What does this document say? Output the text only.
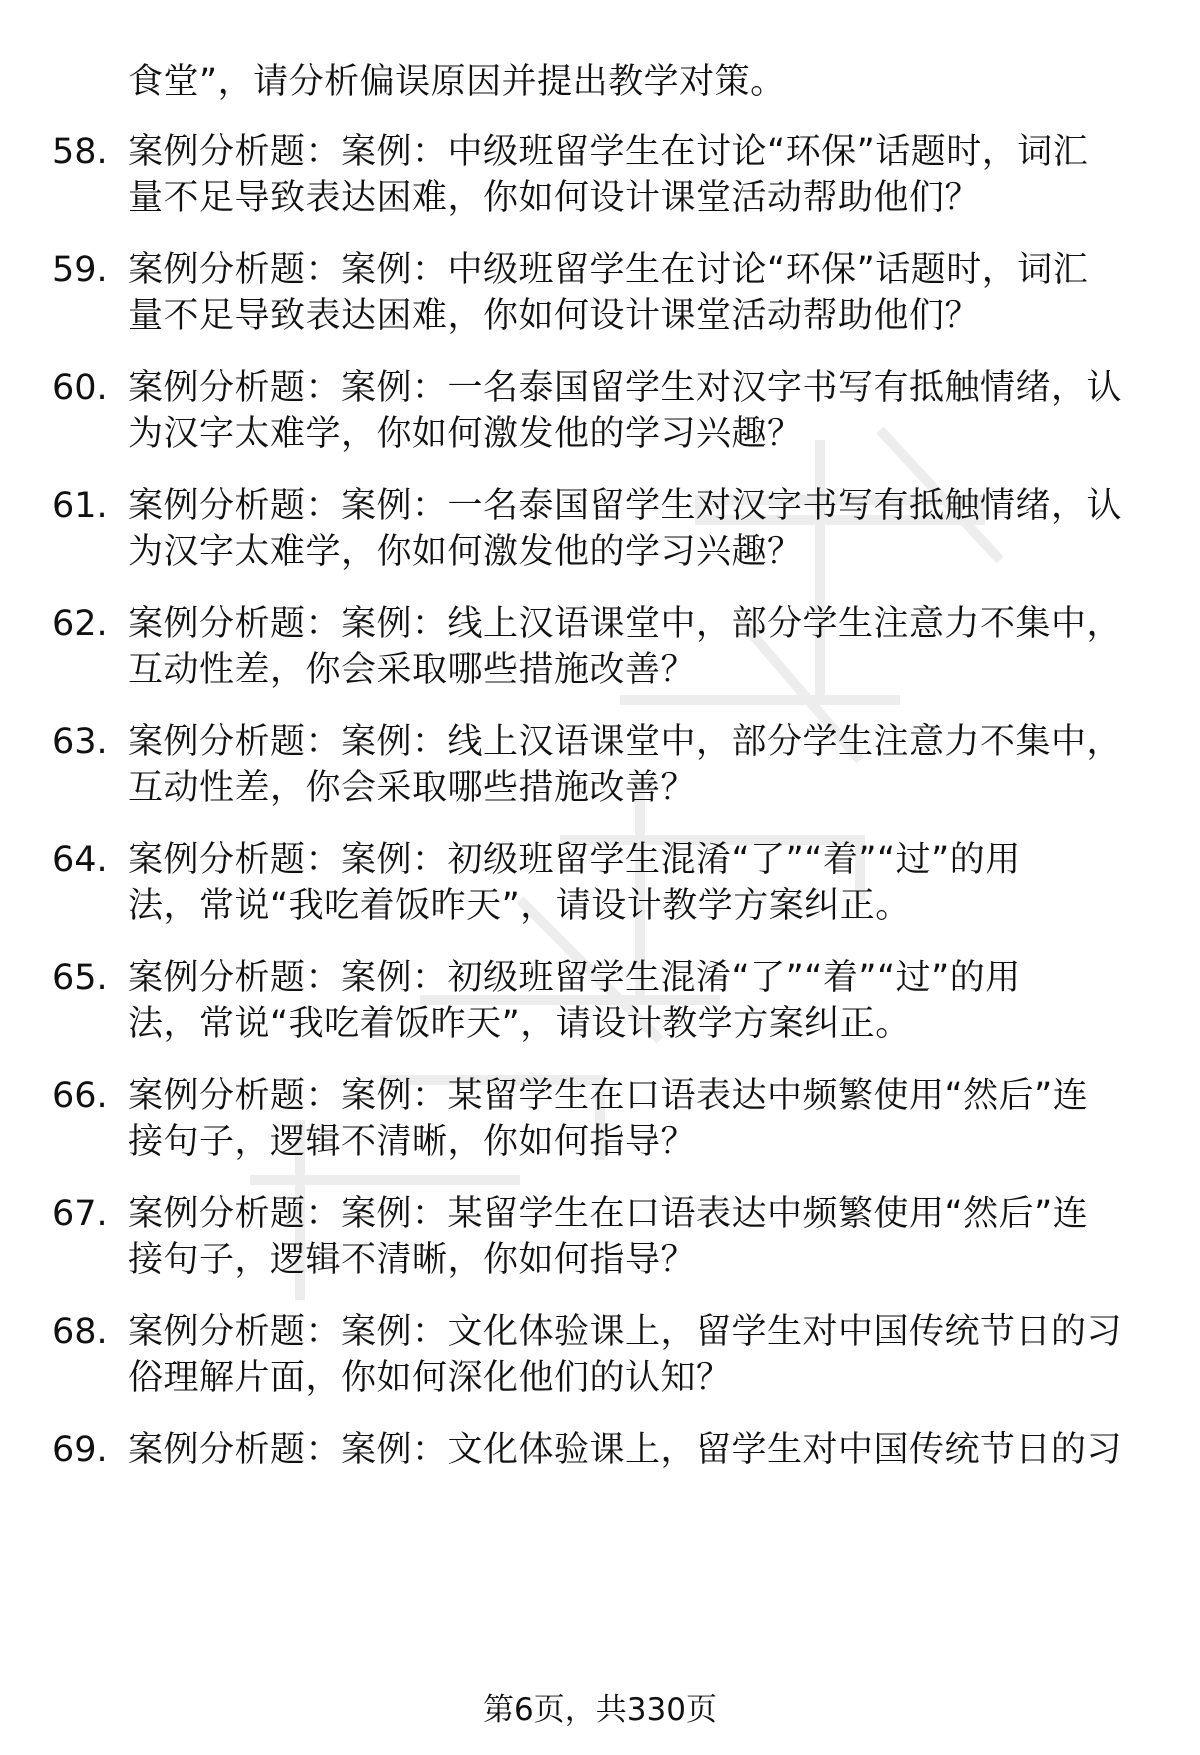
食堂”，请分析偏误原因并提出教学对策。
58. 案例分析题：案例：中级班留学生在讨论“环保”话题时，词汇
量不足导致表达困难，你如何设计课堂活动帮助他们？
59. 案例分析题：案例：中级班留学生在讨论“环保”话题时，词汇
量不足导致表达困难，你如何设计课堂活动帮助他们？
60. 案例分析题：案例：一名泰国留学生对汉字书写有抵触情绪，认
为汉字太难学，你如何激发他的学习兴趣？
61. 案例分析题：案例：一名泰国留学生对汉字书写有抵触情绪，认
为汉字太难学，你如何激发他的学习兴趣？
62. 案例分析题：案例：线上汉语课堂中，部分学生注意力不集中，
互动性差，你会采取哪些措施改善？
63. 案例分析题：案例：线上汉语课堂中，部分学生注意力不集中，
互动性差，你会采取哪些措施改善？
64. 案例分析题：案例：初级班留学生混淆“了”“着”“过”的用
法，常说“我吃着饭昨天”，请设计教学方案纠正。
65. 案例分析题：案例：初级班留学生混淆“了”“着”“过”的用
法，常说“我吃着饭昨天”，请设计教学方案纠正。
66. 案例分析题：案例：某留学生在口语表达中频繁使用“然后”连
接句子，逻辑不清晰，你如何指导？
67. 案例分析题：案例：某留学生在口语表达中频繁使用“然后”连
接句子，逻辑不清晰，你如何指导？
68. 案例分析题：案例：文化体验课上，留学生对中国传统节日的习
俗理解片面，你如何深化他们的认知？
69. 案例分析题：案例：文化体验课上，留学生对中国传统节日的习
第6页，共330页
